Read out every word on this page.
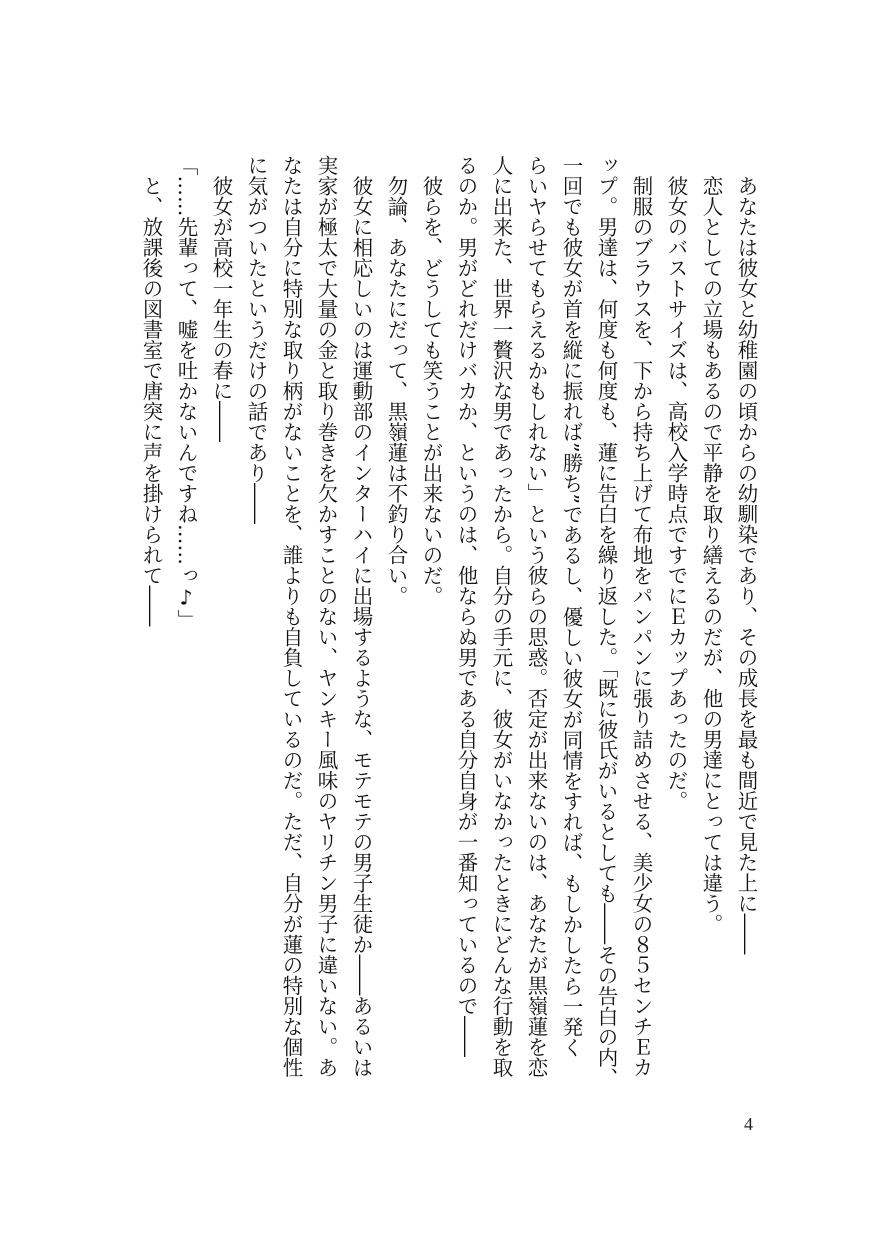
　あなたは彼女と幼稚園の頃からの幼馴染であり、その成長を最も間近で見た上に――
　恋人としての立場もあるので平静を取り繕えるのだが、他の男達にとっては違う。
　彼女のバストサイズは、高校入学時点ですでにＥカップあったのだ。
　制服のブラウスを、下から持ち上げて布地をパンパンに張り詰めさせる、美少女の８５センチＥカ
ップ。男達は、何度も何度も、蓮に告白を繰り返した。「既に彼氏がいるとしても――その告白の内、
一回でも彼女が首を縦に振れば”勝ち”であるし、優しい彼女が同情をすれば、もしかしたら一発く
らいヤらせてもらえるかもしれない」という彼らの思惑。否定が出来ないのは、あなたが黒嶺蓮を恋
人に出来た、世界一贅沢な男であったから。自分の手元に、彼女がいなかったときにどんな行動を取
るのか。男がどれだけバカか、というのは、他ならぬ男である自分自身が一番知っているので――
　彼らを、どうしても笑うことが出来ないのだ。
　勿論、あなたにだって、黒嶺蓮は不釣り合い。
　彼女に相応しいのは運動部のインターハイに出場するような、モテモテの男子生徒か――あるいは
実家が極太で大量の金と取り巻きを欠かすことのない、ヤンキー風味のヤリチン男子に違いない。あ
なたは自分に特別な取り柄がないことを、誰よりも自負しているのだ。ただ、自分が蓮の特別な個性
に気がついたというだけの話であり――
　彼女が高校一年生の春に――
「……先輩って、嘘を吐かないんですね……っ♪」
　と、放課後の図書室で唐突に声を掛けられて――
4
